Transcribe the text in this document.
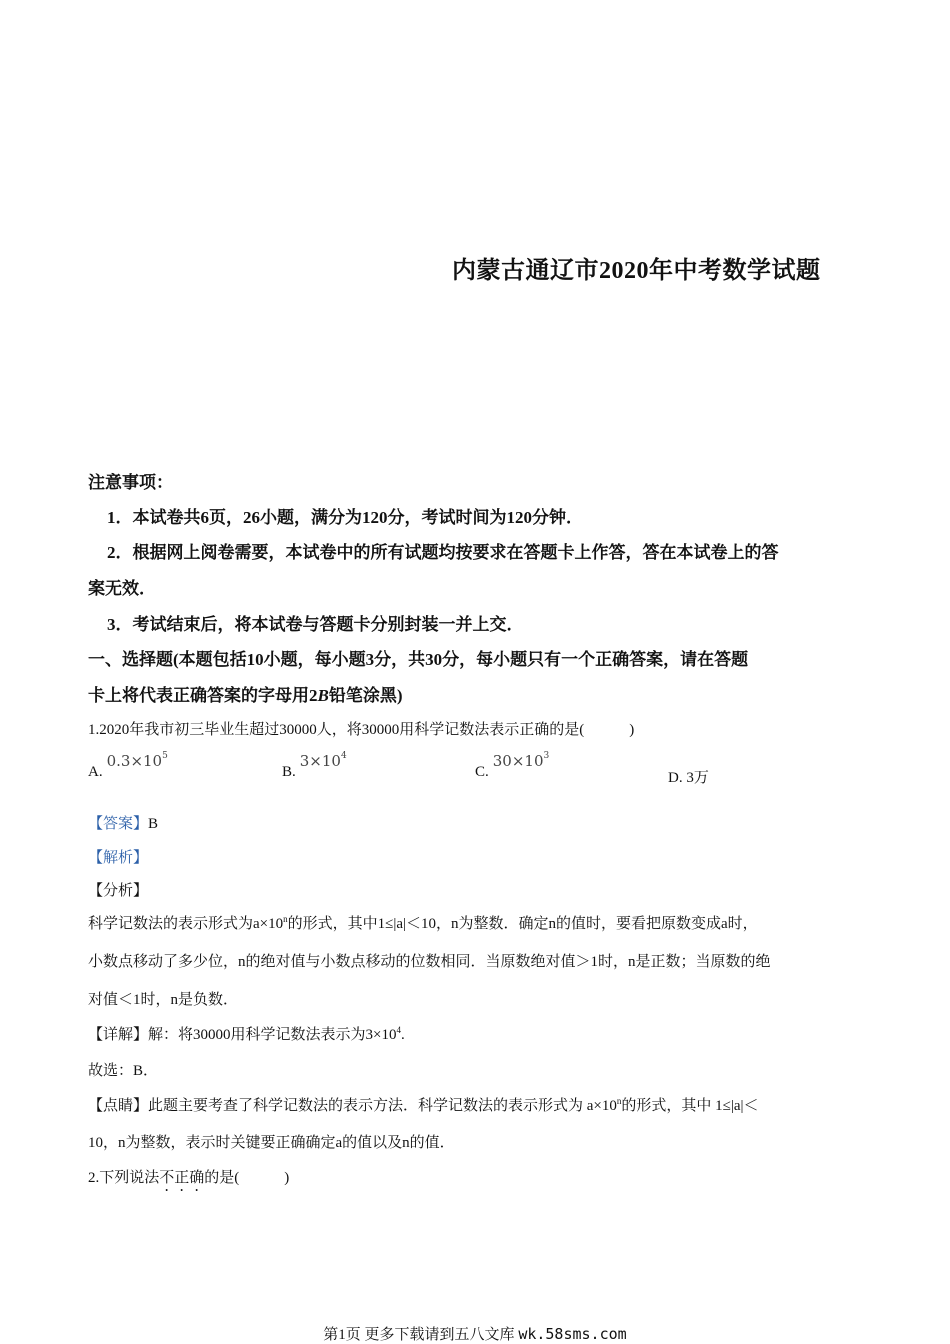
内蒙古通辽市2020年中考数学试题
注意事项：
1．本试卷共6页，26小题，满分为120分，考试时间为120分钟．
2．根据网上阅卷需要，本试卷中的所有试题均按要求在答题卡上作答，答在本试卷上的答
案无效．
3．考试结束后，将本试卷与答题卡分别封装一并上交．
一、选择题(本题包括10小题，每小题3分，共30分，每小题只有一个正确答案，请在答题
卡上将代表正确答案的字母用2B铅笔涂黑)
1.2020年我市初三毕业生超过30000人，将30000用科学记数法表示正确的是(　　　)
$A.0.3\times 10^5$
$B.3\times 10^4$
$C.30\times 10^3$
D. 3万
【答案】B
【解析】
【分析】
科学记数法的表示形式为$a\times 10^n$的形式，其中1≤|a|＜10，n为整数．确定n的值时，要看把原数变成a时，
小数点移动了多少位，n的绝对值与小数点移动的位数相同．当原数绝对值＞1时，n是正数；当原数的绝
对值＜1时，n是负数．
【详解】解：将30000用科学记数法表示为$3\times 10^4$.
故选：B．
【点睛】此题主要考查了科学记数法的表示方法．科学记数法的表示形式为 $a\times 10^n$的形式，其中 1≤|a|＜
10，n为整数，表示时关键要正确确定a的值以及n的值．
2.下列说法不正确的是(　　　)
第1页 更多下载请到五八文库 wk.58sms.com
